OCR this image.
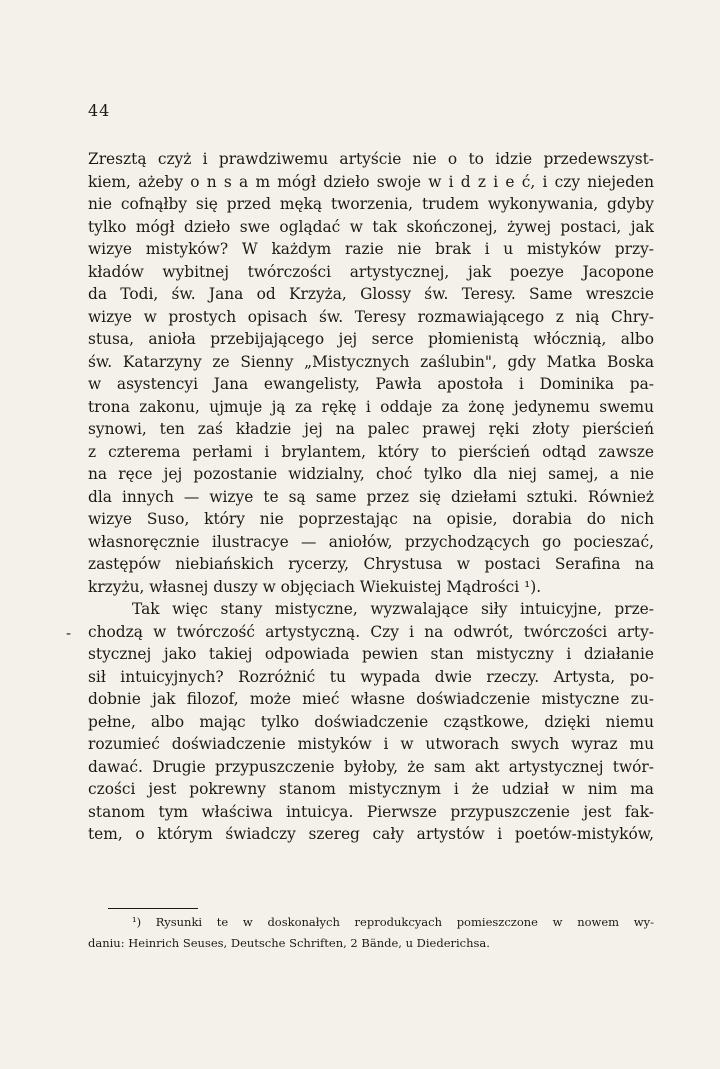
44
-
Zresztą czyż i prawdziwemu artyście nie o to idzie przedewszyst-
kiem, ażeby o n s a m mógł dzieło swoje w i d z i e ć, i czy niejeden
nie cofnąłby się przed męką tworzenia, trudem wykonywania, gdyby
tylko mógł dzieło swe oglądać w tak skończonej, żywej postaci, jak
wizye mistyków? W każdym razie nie brak i u mistyków przy-
kładów wybitnej twórczości artystycznej, jak poezye Jacopone
da Todi, św. Jana od Krzyża, Glossy św. Teresy. Same wreszcie
wizye w prostych opisach św. Teresy rozmawiającego z nią Chry-
stusa, anioła przebijającego jej serce płomienistą włócznią, albo
św. Katarzyny ze Sienny „Mistycznych zaślubin", gdy Matka Boska
w asystencyi Jana ewangelisty, Pawła apostoła i Dominika pa-
trona zakonu, ujmuje ją za rękę i oddaje za żonę jedynemu swemu
synowi, ten zaś kładzie jej na palec prawej ręki złoty pierścień
z czterema perłami i brylantem, który to pierścień odtąd zawsze
na ręce jej pozostanie widzialny, choć tylko dla niej samej, a nie
dla innych — wizye te są same przez się dziełami sztuki. Również
wizye Suso, który nie poprzestając na opisie, dorabia do nich
własnoręcznie ilustracye — aniołów, przychodzących go pocieszać,
zastępów niebiańskich rycerzy, Chrystusa w postaci Serafina na
krzyżu, własnej duszy w objęciach Wiekuistej Mądrości ¹).
Tak więc stany mistyczne, wyzwalające siły intuicyjne, prze-
chodzą w twórczość artystyczną. Czy i na odwrót, twórczości arty-
stycznej jako takiej odpowiada pewien stan mistyczny i działanie
sił intuicyjnych? Rozróżnić tu wypada dwie rzeczy. Artysta, po-
dobnie jak filozof, może mieć własne doświadczenie mistyczne zu-
pełne, albo mając tylko doświadczenie cząstkowe, dzięki niemu
rozumieć doświadczenie mistyków i w utworach swych wyraz mu
dawać. Drugie przypuszczenie byłoby, że sam akt artystycznej twór-
czości jest pokrewny stanom mistycznym i że udział w nim ma
stanom tym właściwa intuicya. Pierwsze przypuszczenie jest fak-
tem, o którym świadczy szereg cały artystów i poetów-mistyków,
¹) Rysunki te w doskonałych reprodukcyach pomieszczone w nowem wy-
daniu: Heinrich Seuses, Deutsche Schriften, 2 Bände, u Diederichsa.
